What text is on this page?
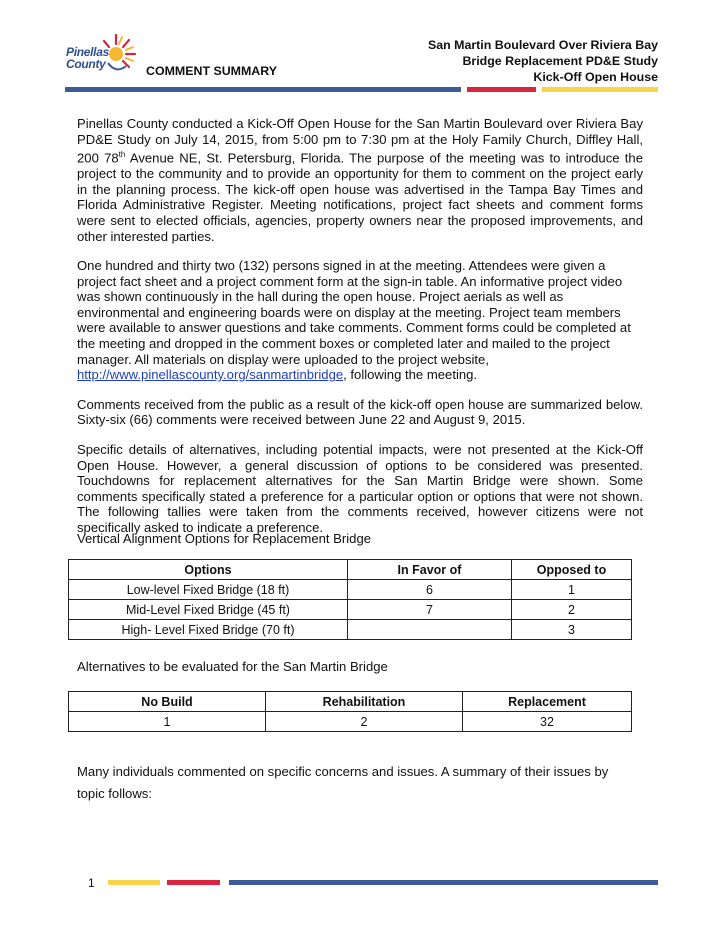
Pinellas
County
San Martin Boulevard Over Riviera Bay
Bridge Replacement PD&E Study
Kick-Off Open House
COMMENT SUMMARY

Pinellas County conducted a Kick-Off Open House for the San Martin Boulevard over Riviera Bay PD&E Study on July 14, 2015, from 5:00 pm to 7:30 pm at the Holy Family Church, Diffley Hall, 200 78th Avenue NE, St. Petersburg, Florida. The purpose of the meeting was to introduce the project to the community and to provide an opportunity for them to comment on the project early in the planning process. The kick-off open house was advertised in the Tampa Bay Times and Florida Administrative Register. Meeting notifications, project fact sheets and comment forms were sent to elected officials, agencies, property owners near the proposed improvements, and other interested parties.

One hundred and thirty two (132) persons signed in at the meeting. Attendees were given a project fact sheet and a project comment form at the sign-in table. An informative project video was shown continuously in the hall during the open house. Project aerials as well as environmental and engineering boards were on display at the meeting. Project team members were available to answer questions and take comments. Comment forms could be completed at the meeting and dropped in the comment boxes or completed later and mailed to the project manager. All materials on display were uploaded to the project website, http://www.pinellascounty.org/sanmartinbridge, following the meeting.

Comments received from the public as a result of the kick-off open house are summarized below. Sixty-six (66) comments were received between June 22 and August 9, 2015.

Specific details of alternatives, including potential impacts, were not presented at the Kick-Off Open House. However, a general discussion of options to be considered was presented. Touchdowns for replacement alternatives for the San Martin Bridge were shown. Some comments specifically stated a preference for a particular option or options that were not shown. The following tallies were taken from the comments received, however citizens were not specifically asked to indicate a preference.

Vertical Alignment Options for Replacement Bridge
Options	In Favor of	Opposed to
Low-level Fixed Bridge (18 ft)	6	1
Mid-Level Fixed Bridge (45 ft)	7	2
High- Level Fixed Bridge (70 ft)		3
Alternatives to be evaluated for the San Martin Bridge
No Build	Rehabilitation	Replacement
1	2	32
Many individuals commented on specific concerns and issues. A summary of their issues by topic follows:
1
